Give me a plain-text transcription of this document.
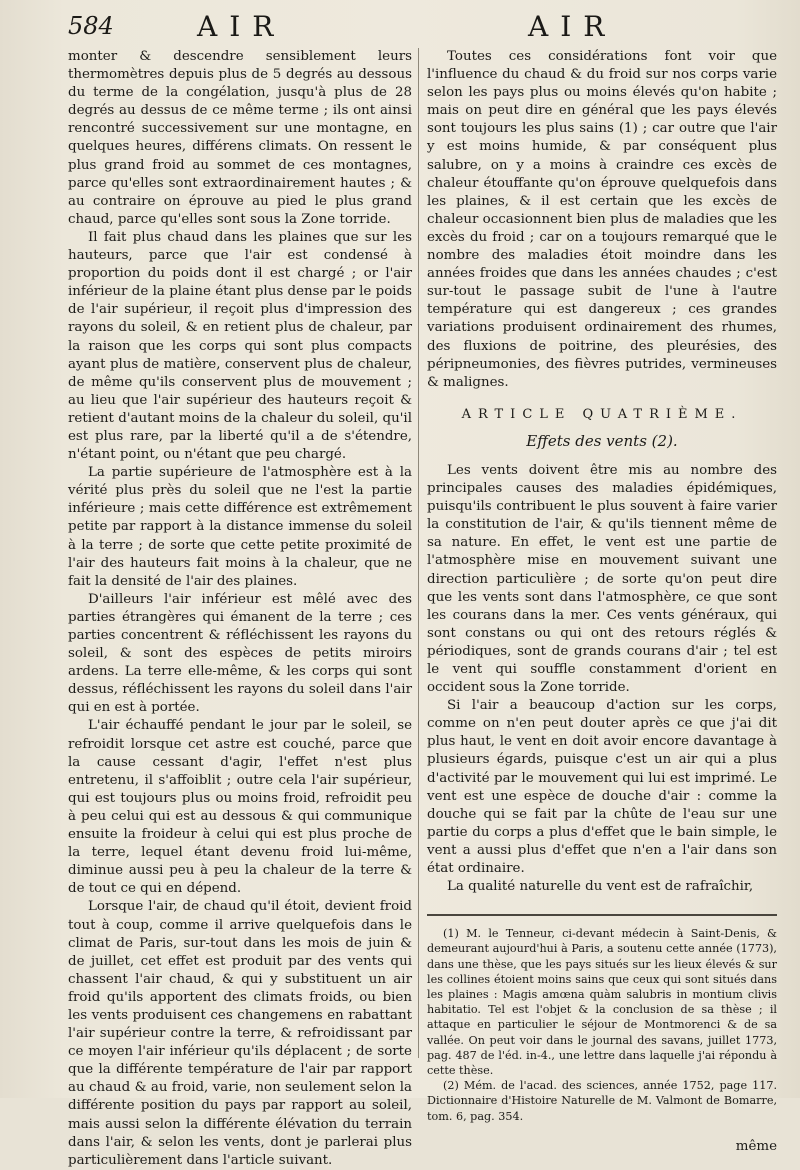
584	AIR	AIR

monter & descendre sensiblement leurs thermomètres depuis plus de 5 degrés au dessous du terme de la congélation, jusqu'à plus de 28 degrés au dessus de ce même terme ; ils ont ainsi rencontré successivement sur une montagne, en quelques heures, différens climats. On ressent le plus grand froid au sommet de ces montagnes, parce qu'elles sont extraordinairement hautes ; & au contraire on éprouve au pied le plus grand chaud, parce qu'elles sont sous la Zone torride.

Il fait plus chaud dans les plaines que sur les hauteurs, parce que l'air est condensé à proportion du poids dont il est chargé ; or l'air inférieur de la plaine étant plus dense par le poids de l'air supérieur, il reçoit plus d'impression des rayons du soleil, & en retient plus de chaleur, par la raison que les corps qui sont plus compacts ayant plus de matière, conservent plus de chaleur, de même qu'ils conservent plus de mouvement ; au lieu que l'air supérieur des hauteurs reçoit & retient d'autant moins de la chaleur du soleil, qu'il est plus rare, par la liberté qu'il a de s'étendre, n'étant point, ou n'étant que peu chargé.

La partie supérieure de l'atmosphère est à la vérité plus près du soleil que ne l'est la partie inférieure ; mais cette différence est extrêmement petite par rapport à la distance immense du soleil à la terre ; de sorte que cette petite proximité de l'air des hauteurs fait moins à la chaleur, que ne fait la densité de l'air des plaines.

D'ailleurs l'air inférieur est mêlé avec des parties étrangères qui émanent de la terre ; ces parties concentrent & réfléchissent les rayons du soleil, & sont des espèces de petits miroirs ardens. La terre elle-même, & les corps qui sont dessus, réfléchissent les rayons du soleil dans l'air qui en est à portée.

L'air échauffé pendant le jour par le soleil, se refroidit lorsque cet astre est couché, parce que la cause cessant d'agir, l'effet n'est plus entretenu, il s'affoiblit ; outre cela l'air supérieur, qui est toujours plus ou moins froid, refroidit peu à peu celui qui est au dessous & qui communique ensuite la froideur à celui qui est plus proche de la terre, lequel étant devenu froid lui-même, diminue aussi peu à peu la chaleur de la terre & de tout ce qui en dépend.

Lorsque l'air, de chaud qu'il étoit, devient froid tout à coup, comme il arrive quelquefois dans le climat de Paris, sur-tout dans les mois de juin & de juillet, cet effet est produit par des vents qui chassent l'air chaud, & qui y substituent un air froid qu'ils apportent des climats froids, ou bien les vents produisent ces changemens en rabattant l'air supérieur contre la terre, & refroidissant par ce moyen l'air inférieur qu'ils déplacent ; de sorte que la différente température de l'air par rapport au chaud & au froid, varie, non seulement selon la différente position du pays par rapport au soleil, mais aussi selon la différente élévation du terrain dans l'air, & selon les vents, dont je parlerai plus particulièrement dans l'article suivant.

Toutes ces considérations font voir que l'influence du chaud & du froid sur nos corps varie selon les pays plus ou moins élevés qu'on habite ; mais on peut dire en général que les pays élevés sont toujours les plus sains (1) ; car outre que l'air y est moins humide, & par conséquent plus salubre, on y a moins à craindre ces excès de chaleur étouffante qu'on éprouve quelquefois dans les plaines, & il est certain que les excès de chaleur occasionnent bien plus de maladies que les excès du froid ; car on a toujours remarqué que le nombre des maladies étoit moindre dans les années froides que dans les années chaudes ; c'est sur-tout le passage subit de l'une à l'autre température qui est dangereux ; ces grandes variations produisent ordinairement des rhumes, des fluxions de poitrine, des pleurésies, des péripneumonies, des fièvres putrides, vermineuses & malignes.

ARTICLE QUATRIÈME.
Effets des vents (2).

Les vents doivent être mis au nombre des principales causes des maladies épidémiques, puisqu'ils contribuent le plus souvent à faire varier la constitution de l'air, & qu'ils tiennent même de sa nature. En effet, le vent est une partie de l'atmosphère mise en mouvement suivant une direction particulière ; de sorte qu'on peut dire que les vents sont dans l'atmosphère, ce que sont les courans dans la mer. Ces vents généraux, qui sont constans ou qui ont des retours réglés & périodiques, sont de grands courans d'air ; tel est le vent qui souffle constamment d'orient en occident sous la Zone torride.

Si l'air a beaucoup d'action sur les corps, comme on n'en peut douter après ce que j'ai dit plus haut, le vent en doit avoir encore davantage à plusieurs égards, puisque c'est un air qui a plus d'activité par le mouvement qui lui est imprimé. Le vent est une espèce de douche d'air : comme la douche qui se fait par la chûte de l'eau sur une partie du corps a plus d'effet que le bain simple, le vent a aussi plus d'effet que n'en a l'air dans son état ordinaire.

La qualité naturelle du vent est de rafraîchir,

(1) M. le Tenneur, ci-devant médecin à Saint-Denis, & demeurant aujourd'hui à Paris, a soutenu cette année (1773), dans une thèse, que les pays situés sur les lieux élevés & sur les collines étoient moins sains que ceux qui sont situés dans les plaines : Magis amœna quàm salubris in montium clivis habitatio. Tel est l'objet & la conclusion de sa thèse ; il attaque en particulier le séjour de Montmorenci & de sa vallée. On peut voir dans le journal des savans, juillet 1773, pag. 487 de l'éd. in-4., une lettre dans laquelle j'ai répondu à cette thèse.

(2) Mém. de l'acad. des sciences, année 1752, page 117. Dictionnaire d'Histoire Naturelle de M. Valmont de Bomarre, tom. 6, pag. 354.

même
